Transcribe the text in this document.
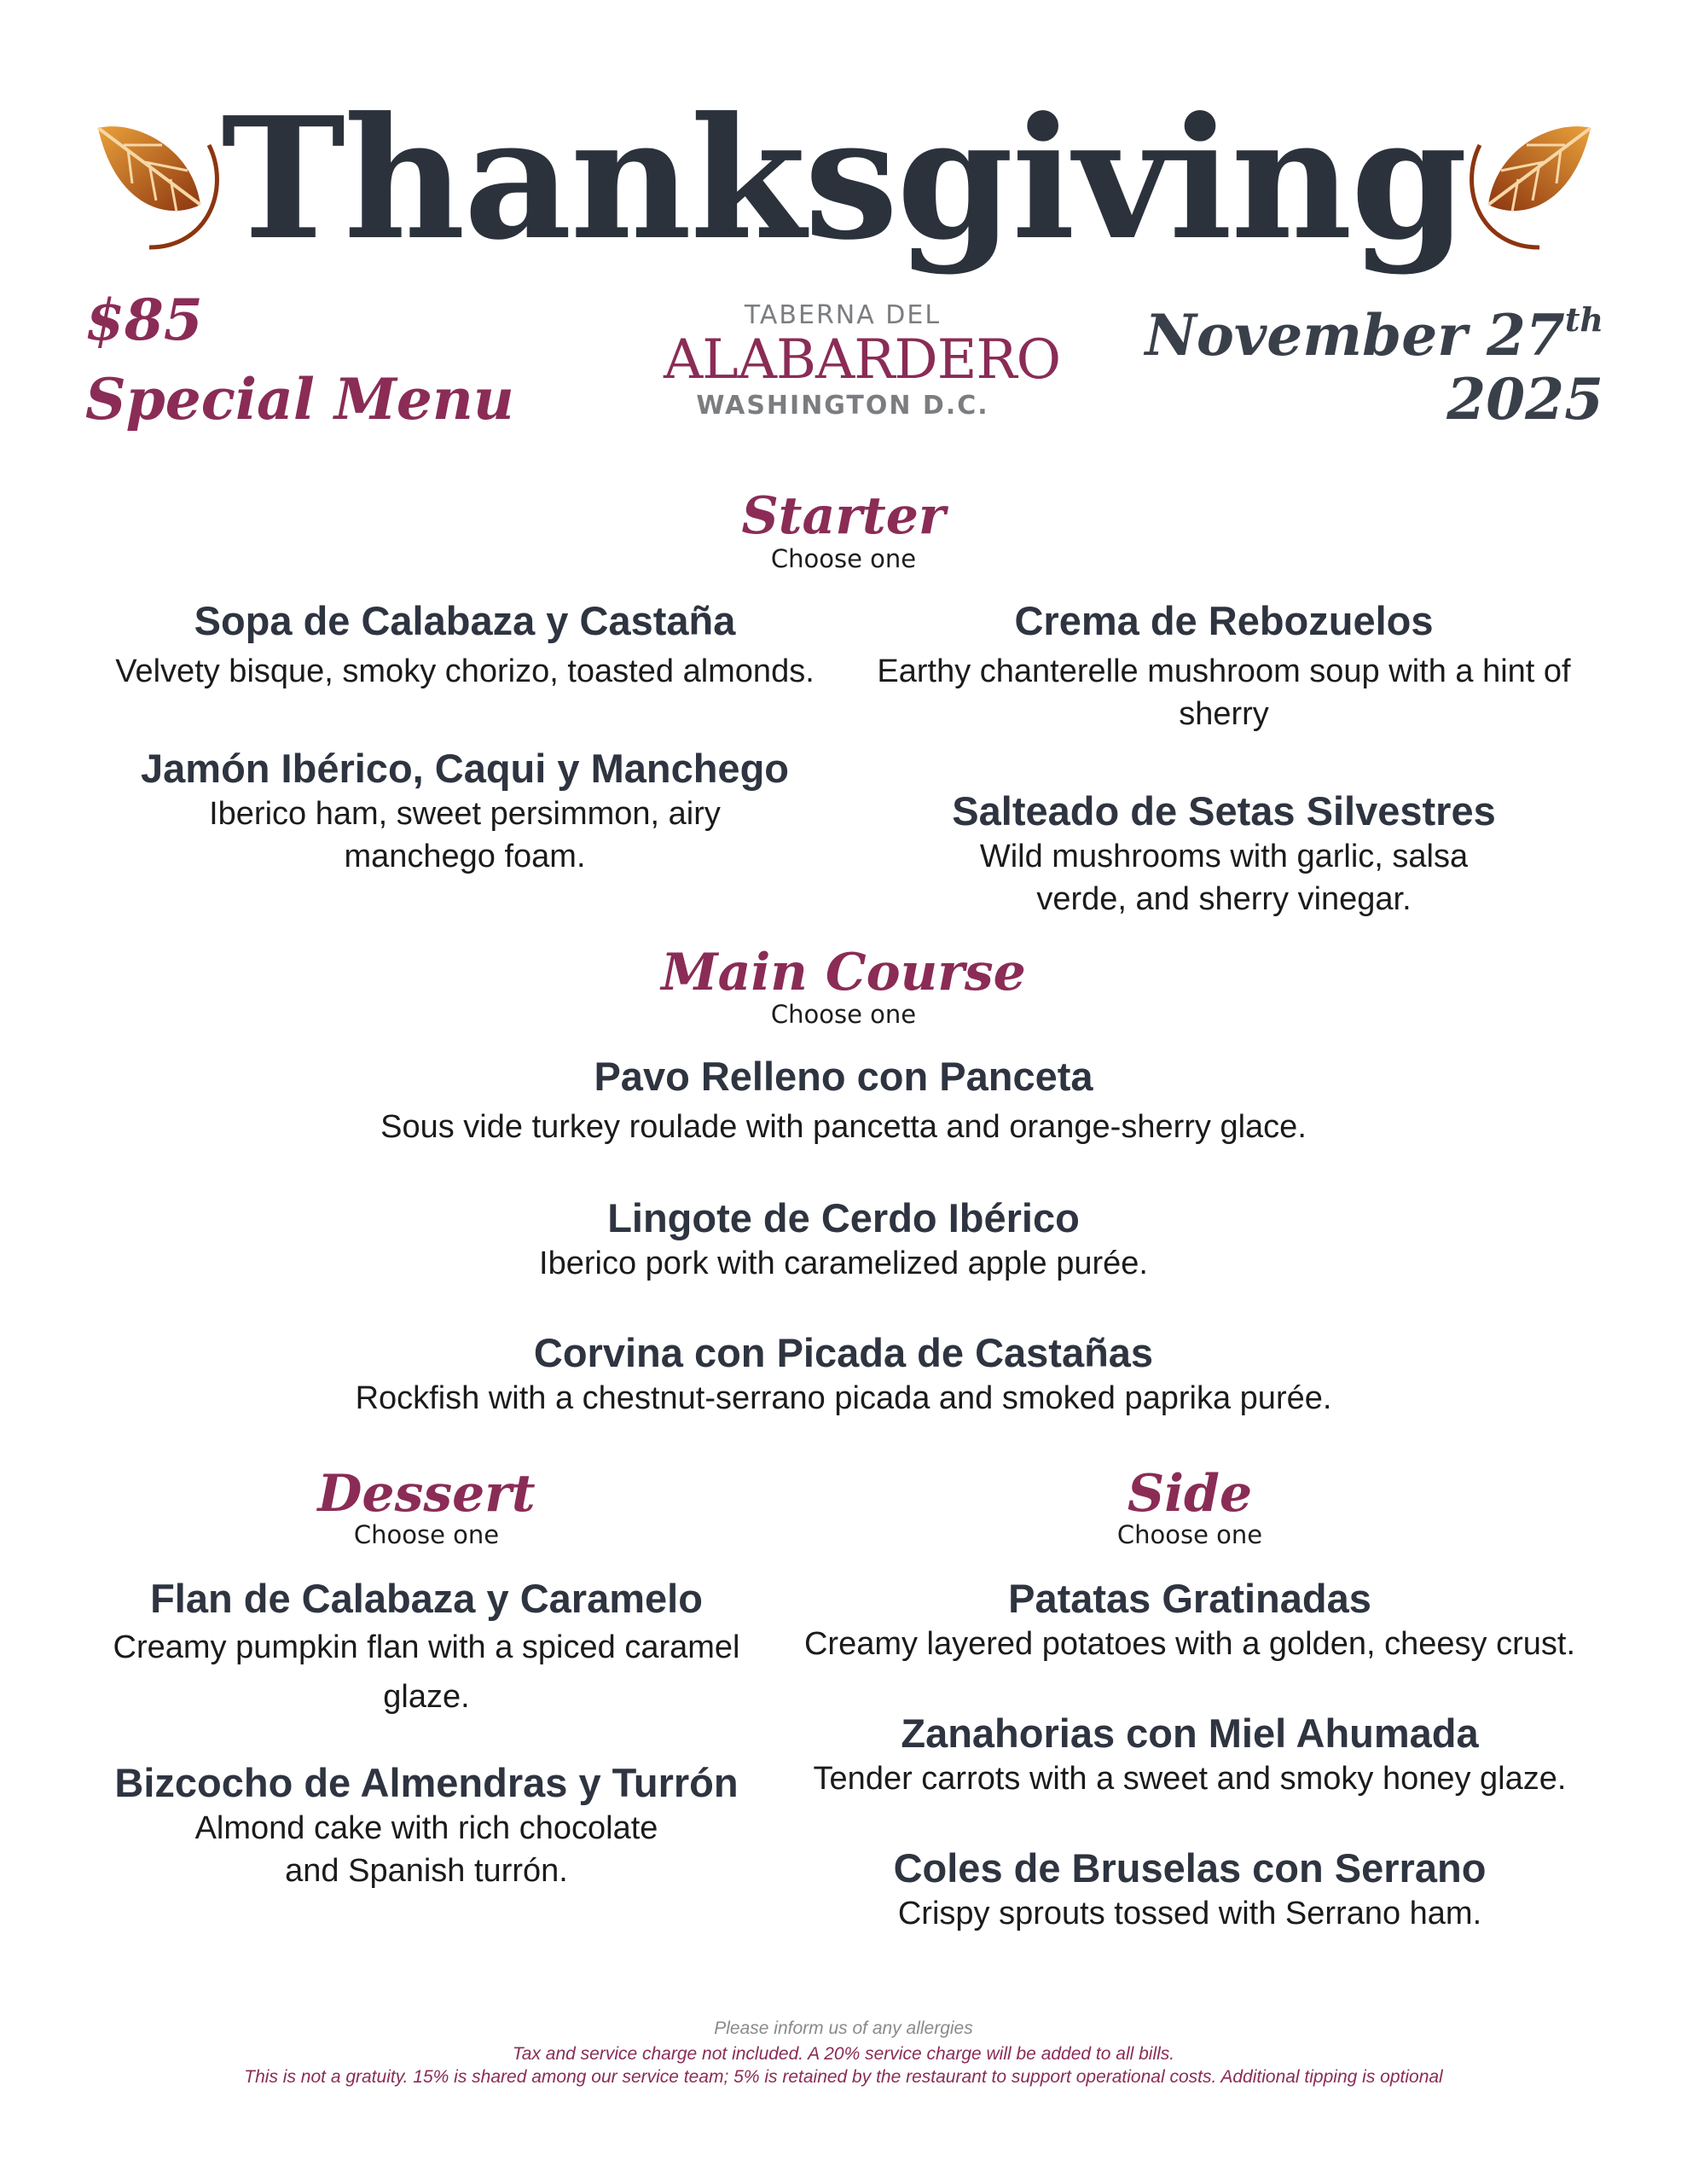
Thanksgiving
$85
Special Menu
TABERNA DEL
ALABARDERO
WASHINGTON D.C.
November 27th
2025
Starter
Choose one
Sopa de Calabaza y Castaña
Velvety bisque, smoky chorizo, toasted almonds.
Crema de Rebozuelos
Earthy chanterelle mushroom soup with a hint of sherry
Jamón Ibérico, Caqui y Manchego
Iberico ham, sweet persimmon, airy manchego foam.
Salteado de Setas Silvestres
Wild mushrooms with garlic, salsa verde, and sherry vinegar.
Main Course
Choose one
Pavo Relleno con Panceta
Sous vide turkey roulade with pancetta and orange-sherry glace.
Lingote de Cerdo Ibérico
Iberico pork with caramelized apple purée.
Corvina con Picada de Castañas
Rockfish with a chestnut-serrano picada and smoked paprika purée.
Dessert
Choose one
Flan de Calabaza y Caramelo
Creamy pumpkin flan with a spiced caramel glaze.
Bizcocho de Almendras y Turrón
Almond cake with rich chocolate and Spanish turrón.
Side
Choose one
Patatas Gratinadas
Creamy layered potatoes with a golden, cheesy crust.
Zanahorias con Miel Ahumada
Tender carrots with a sweet and smoky honey glaze.
Coles de Bruselas con Serrano
Crispy sprouts tossed with Serrano ham.
Please inform us of any allergies
Tax and service charge not included. A 20% service charge will be added to all bills.
This is not a gratuity. 15% is shared among our service team; 5% is retained by the restaurant to support operational costs. Additional tipping is optional
